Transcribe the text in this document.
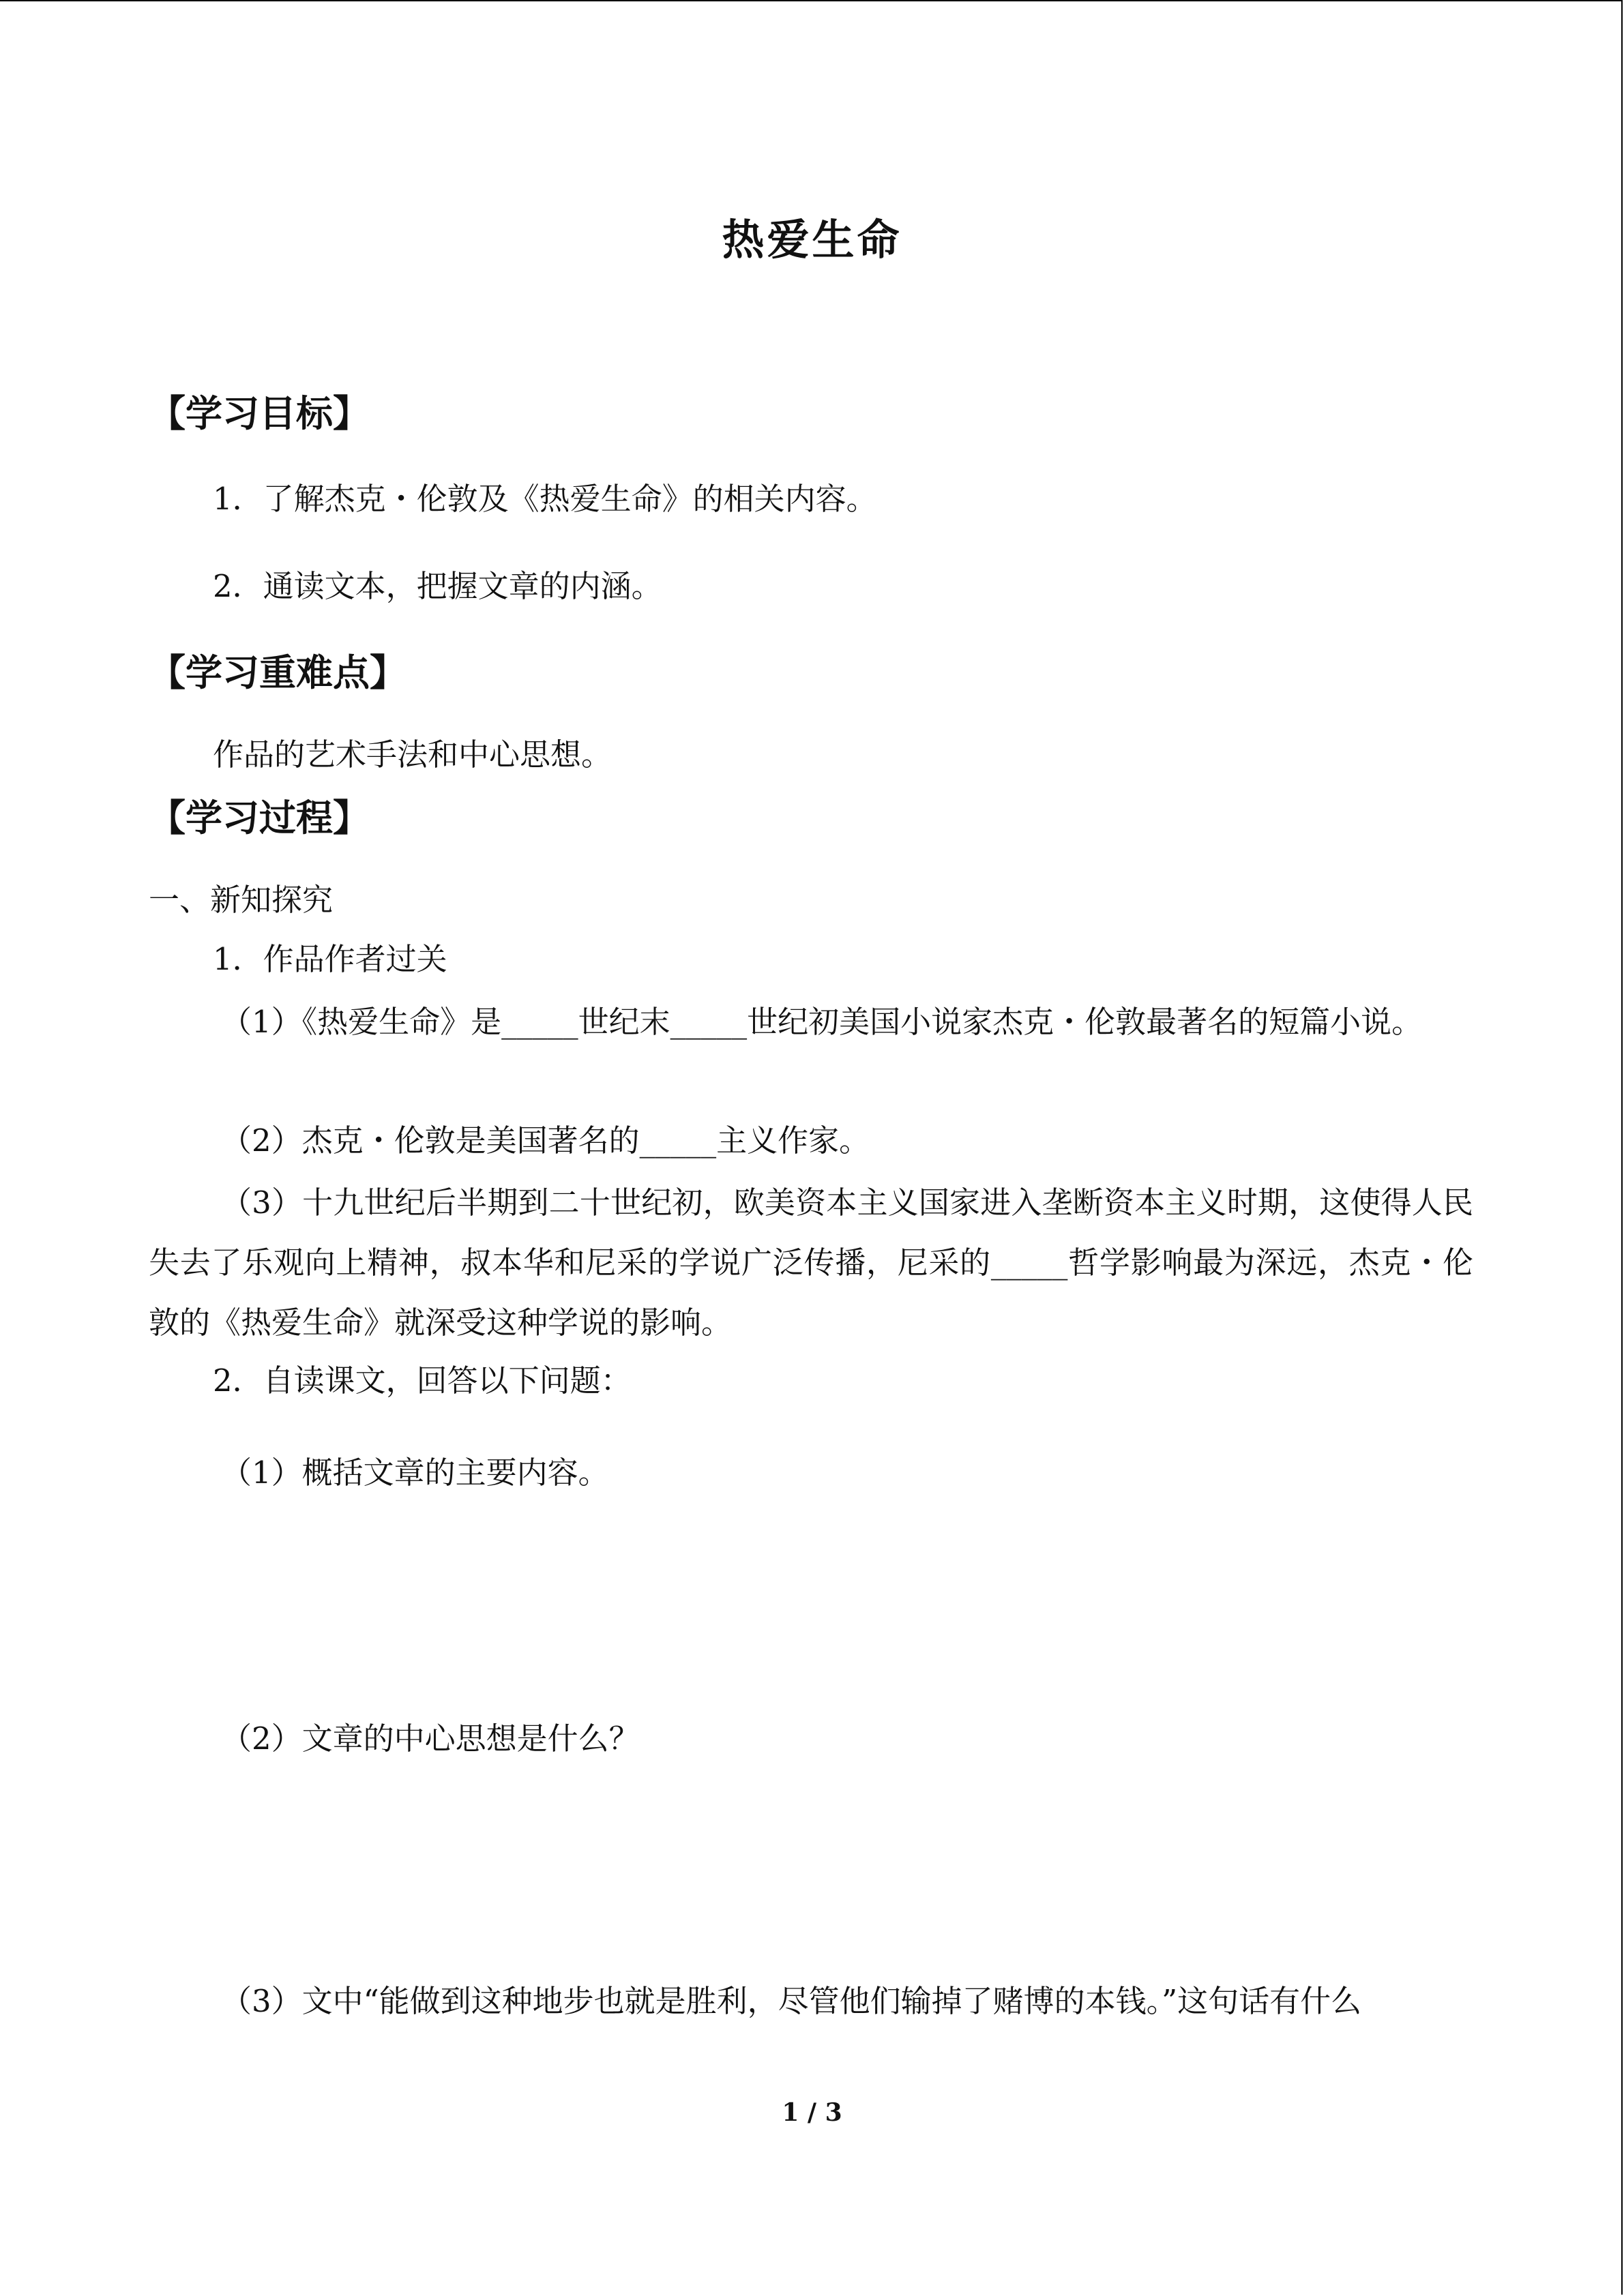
热爱生命
【学习目标】
1．了解杰克・伦敦及《热爱生命》的相关内容。
2．通读文本，把握文章的内涵。
【学习重难点】
作品的艺术手法和中心思想。
【学习过程】
一、新知探究
1．作品作者过关
（1）《热爱生命》是_____世纪末_____世纪初美国小说家杰克・伦敦最著名的短篇小说。
（2）杰克・伦敦是美国著名的_____主义作家。
（3）十九世纪后半期到二十世纪初，欧美资本主义国家进入垄断资本主义时期，这使得人民失去了乐观向上精神，叔本华和尼采的学说广泛传播，尼采的_____哲学影响最为深远，杰克・伦敦的《热爱生命》就深受这种学说的影响。
2．自读课文，回答以下问题：
（1）概括文章的主要内容。
（2）文章的中心思想是什么？
（3）文中“能做到这种地步也就是胜利，尽管他们输掉了赌博的本钱。”这句话有什么
1 / 3
